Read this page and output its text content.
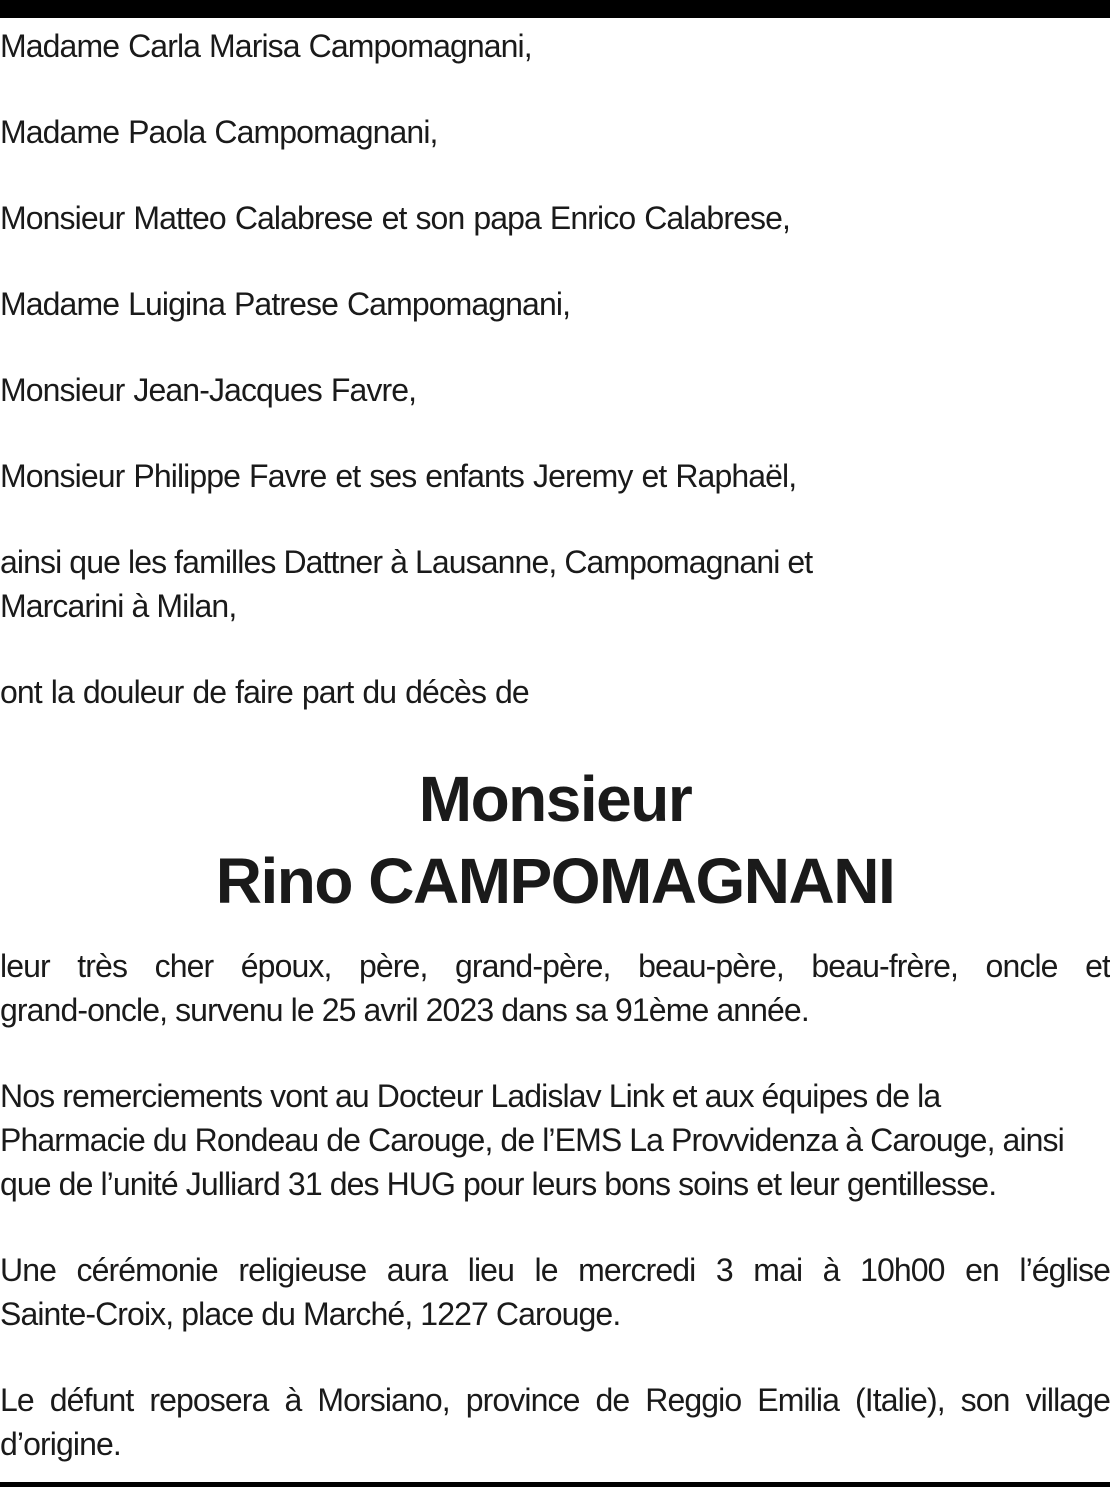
Madame Carla Marisa Campomagnani,
Madame Paola Campomagnani,
Monsieur Matteo Calabrese et son papa Enrico Calabrese,
Madame Luigina Patrese Campomagnani,
Monsieur Jean-Jacques Favre,
Monsieur Philippe Favre et ses enfants Jeremy et Raphaël,
ainsi que les familles Dattner à Lausanne, Campomagnani et
Marcarini à Milan,
ont la douleur de faire part du décès de
Monsieur
Rino CAMPOMAGNANI
leur très cher époux, père, grand-père, beau-père, beau-frère, oncle et
grand-oncle, survenu le 25 avril 2023 dans sa 91ème année.
Nos remerciements vont au Docteur Ladislav Link et aux équipes de la
Pharmacie du Rondeau de Carouge, de l’EMS La Provvidenza à Carouge, ainsi
que de l’unité Julliard 31 des HUG pour leurs bons soins et leur gentillesse.
Une cérémonie religieuse aura lieu le mercredi 3 mai à 10h00 en l’église
Sainte-Croix, place du Marché, 1227 Carouge.
Le défunt reposera à Morsiano, province de Reggio Emilia (Italie), son village
d’origine.
